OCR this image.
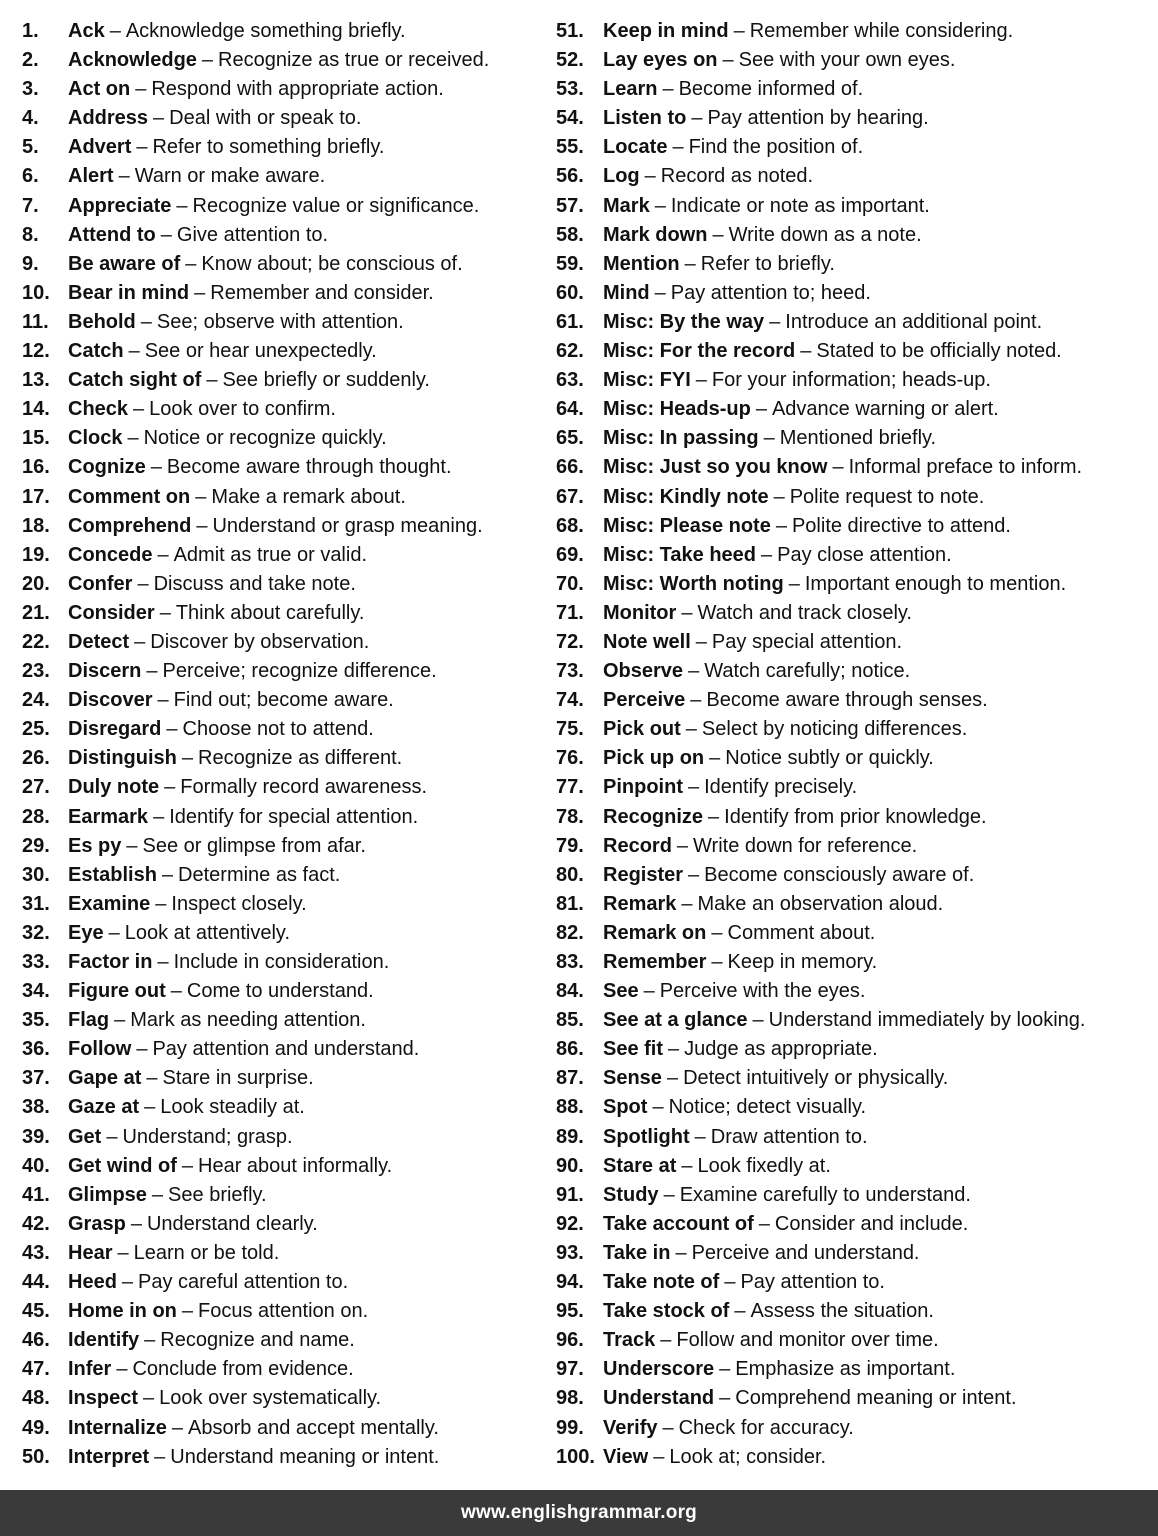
1.	Ack – Acknowledge something briefly.
2.	Acknowledge – Recognize as true or received.
3.	Act on – Respond with appropriate action.
4.	Address – Deal with or speak to.
5.	Advert – Refer to something briefly.
6.	Alert – Warn or make aware.
7.	Appreciate – Recognize value or significance.
8.	Attend to – Give attention to.
9.	Be aware of – Know about; be conscious of.
10. Bear in mind – Remember and consider.
11. Behold – See; observe with attention.
12. Catch – See or hear unexpectedly.
13. Catch sight of – See briefly or suddenly.
14. Check – Look over to confirm.
15. Clock – Notice or recognize quickly.
16. Cognize – Become aware through thought.
17. Comment on – Make a remark about.
18. Comprehend – Understand or grasp meaning.
19. Concede – Admit as true or valid.
20. Confer – Discuss and take note.
21. Consider – Think about carefully.
22. Detect – Discover by observation.
23. Discern – Perceive; recognize difference.
24. Discover – Find out; become aware.
25. Disregard – Choose not to attend.
26. Distinguish – Recognize as different.
27. Duly note – Formally record awareness.
28. Earmark – Identify for special attention.
29. Es py – See or glimpse from afar.
30. Establish – Determine as fact.
31. Examine – Inspect closely.
32. Eye – Look at attentively.
33. Factor in – Include in consideration.
34. Figure out – Come to understand.
35. Flag – Mark as needing attention.
36. Follow – Pay attention and understand.
37. Gape at – Stare in surprise.
38. Gaze at – Look steadily at.
39. Get – Understand; grasp.
40. Get wind of – Hear about informally.
41. Glimpse – See briefly.
42. Grasp – Understand clearly.
43. Hear – Learn or be told.
44. Heed – Pay careful attention to.
45. Home in on – Focus attention on.
46. Identify – Recognize and name.
47. Infer – Conclude from evidence.
48. Inspect – Look over systematically.
49. Internalize – Absorb and accept mentally.
50. Interpret – Understand meaning or intent.
51. Keep in mind – Remember while considering.
52. Lay eyes on – See with your own eyes.
53. Learn – Become informed of.
54. Listen to – Pay attention by hearing.
55. Locate – Find the position of.
56. Log – Record as noted.
57. Mark – Indicate or note as important.
58. Mark down – Write down as a note.
59. Mention – Refer to briefly.
60. Mind – Pay attention to; heed.
61. Misc: By the way – Introduce an additional point.
62. Misc: For the record – Stated to be officially noted.
63. Misc: FYI – For your information; heads-up.
64. Misc: Heads-up – Advance warning or alert.
65. Misc: In passing – Mentioned briefly.
66. Misc: Just so you know – Informal preface to inform.
67. Misc: Kindly note – Polite request to note.
68. Misc: Please note – Polite directive to attend.
69. Misc: Take heed – Pay close attention.
70. Misc: Worth noting – Important enough to mention.
71. Monitor – Watch and track closely.
72. Note well – Pay special attention.
73. Observe – Watch carefully; notice.
74. Perceive – Become aware through senses.
75. Pick out – Select by noticing differences.
76. Pick up on – Notice subtly or quickly.
77. Pinpoint – Identify precisely.
78. Recognize – Identify from prior knowledge.
79. Record – Write down for reference.
80. Register – Become consciously aware of.
81. Remark – Make an observation aloud.
82. Remark on – Comment about.
83. Remember – Keep in memory.
84. See – Perceive with the eyes.
85. See at a glance – Understand immediately by looking.
86. See fit – Judge as appropriate.
87. Sense – Detect intuitively or physically.
88. Spot – Notice; detect visually.
89. Spotlight – Draw attention to.
90. Stare at – Look fixedly at.
91. Study – Examine carefully to understand.
92. Take account of – Consider and include.
93. Take in – Perceive and understand.
94. Take note of – Pay attention to.
95. Take stock of – Assess the situation.
96. Track – Follow and monitor over time.
97. Underscore – Emphasize as important.
98. Understand – Comprehend meaning or intent.
99. Verify – Check for accuracy.
100. View – Look at; consider.
www.englishgrammar.org
